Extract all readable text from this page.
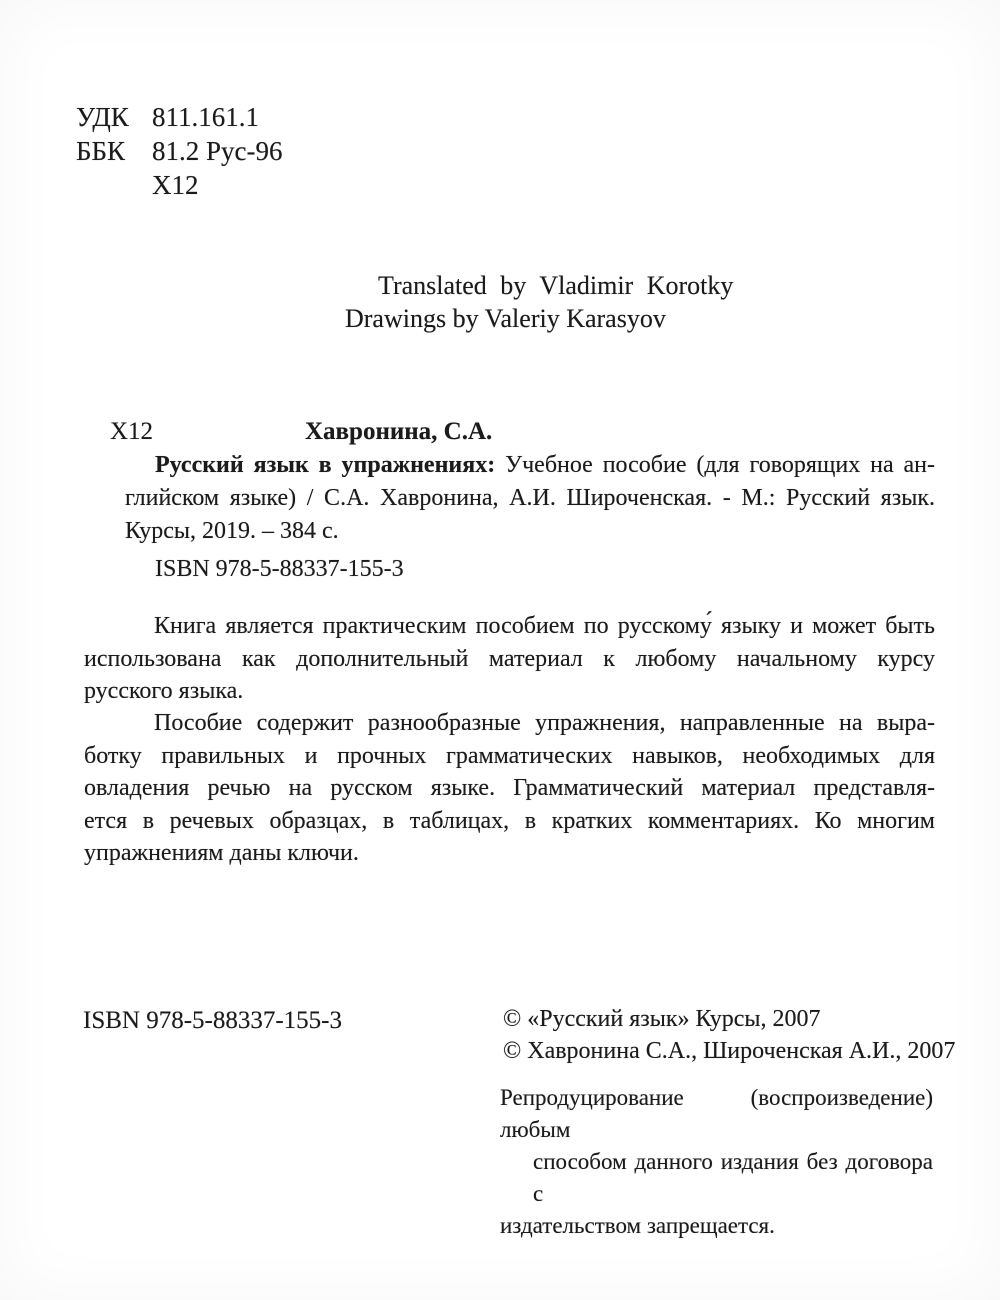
УДК 811.161.1
ББК 81.2 Рус-96
Х12
Translated by Vladimir Korotky
Drawings by Valeriy Karasyov
Х12	Хавронина, С.А.
Русский язык в упражнениях: Учебное пособие (для говорящих на ан-
глийском языке) / С.А. Хавронина, А.И. Широченская. - М.: Русский язык.
Курсы, 2019. – 384 с.
ISBN 978-5-88337-155-3
Книга является практическим пособием по русскому́ языку и может быть
использована как дополнительный материал к любому начальному курсу
русского языка.
Пособие содержит разнообразные упражнения, направленные на выра-
ботку правильных и прочных грамматических навыков, необходимых для
овладения речью на русском языке. Грамматический материал представля-
ется в речевых образцах, в таблицах, в кратких комментариях. Ко многим
упражнениям даны ключи.
ISBN 978-5-88337-155-3	© «Русский язык» Курсы, 2007
© Хавронина С.А., Широченская А.И., 2007
Репродуцирование (воспроизведение) любым
способом данного издания без договора с
издательством запрещается.
